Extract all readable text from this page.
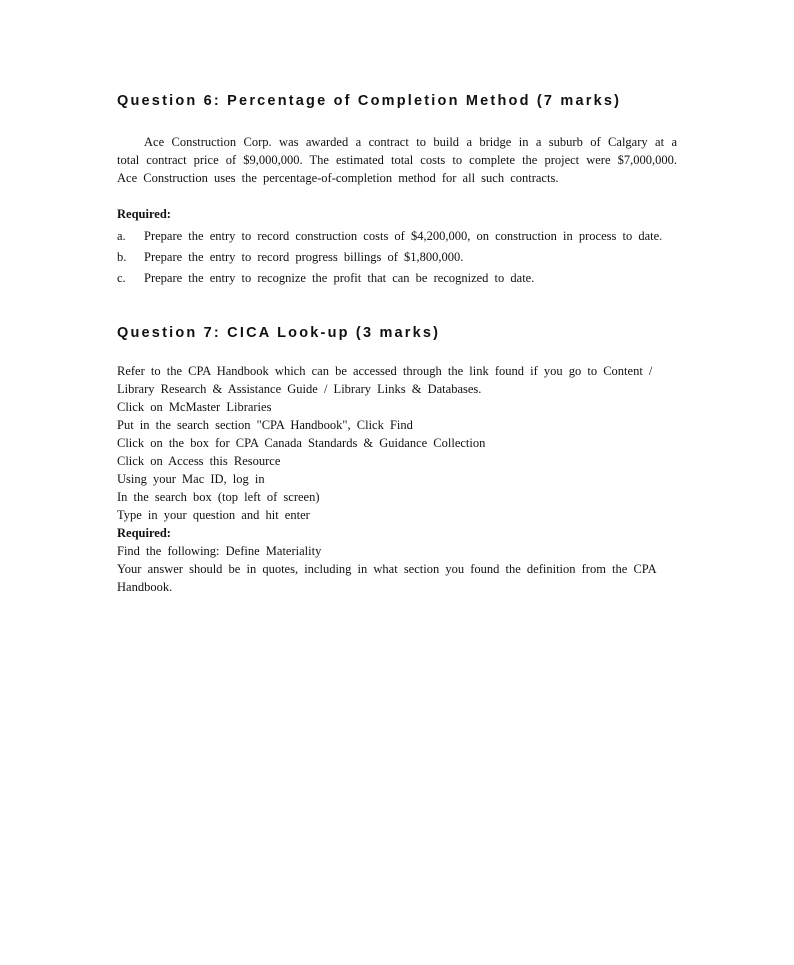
Question 6: Percentage of Completion Method (7 marks)

Ace Construction Corp. was awarded a contract to build a bridge in a suburb of Calgary at a total contract price of $9,000,000. The estimated total costs to complete the project were $7,000,000. Ace Construction uses the percentage-of-completion method for all such contracts.

Required:

a. Prepare the entry to record construction costs of $4,200,000, on construction in process to date.
b. Prepare the entry to record progress billings of $1,800,000.
c. Prepare the entry to recognize the profit that can be recognized to date.
Question 7: CICA Look-up (3 marks)

Refer to the CPA Handbook which can be accessed through the link found if you go to Content / Library Research & Assistance Guide / Library Links & Databases.

Click on McMaster Libraries

Put in the search section "CPA Handbook", Click Find

Click on the box for CPA Canada Standards & Guidance Collection

Click on Access this Resource

Using your Mac ID, log in

In the search box (top left of screen)

Type in your question and hit enter

Required:

Find the following: Define Materiality

Your answer should be in quotes, including in what section you found the definition from the CPA Handbook.
